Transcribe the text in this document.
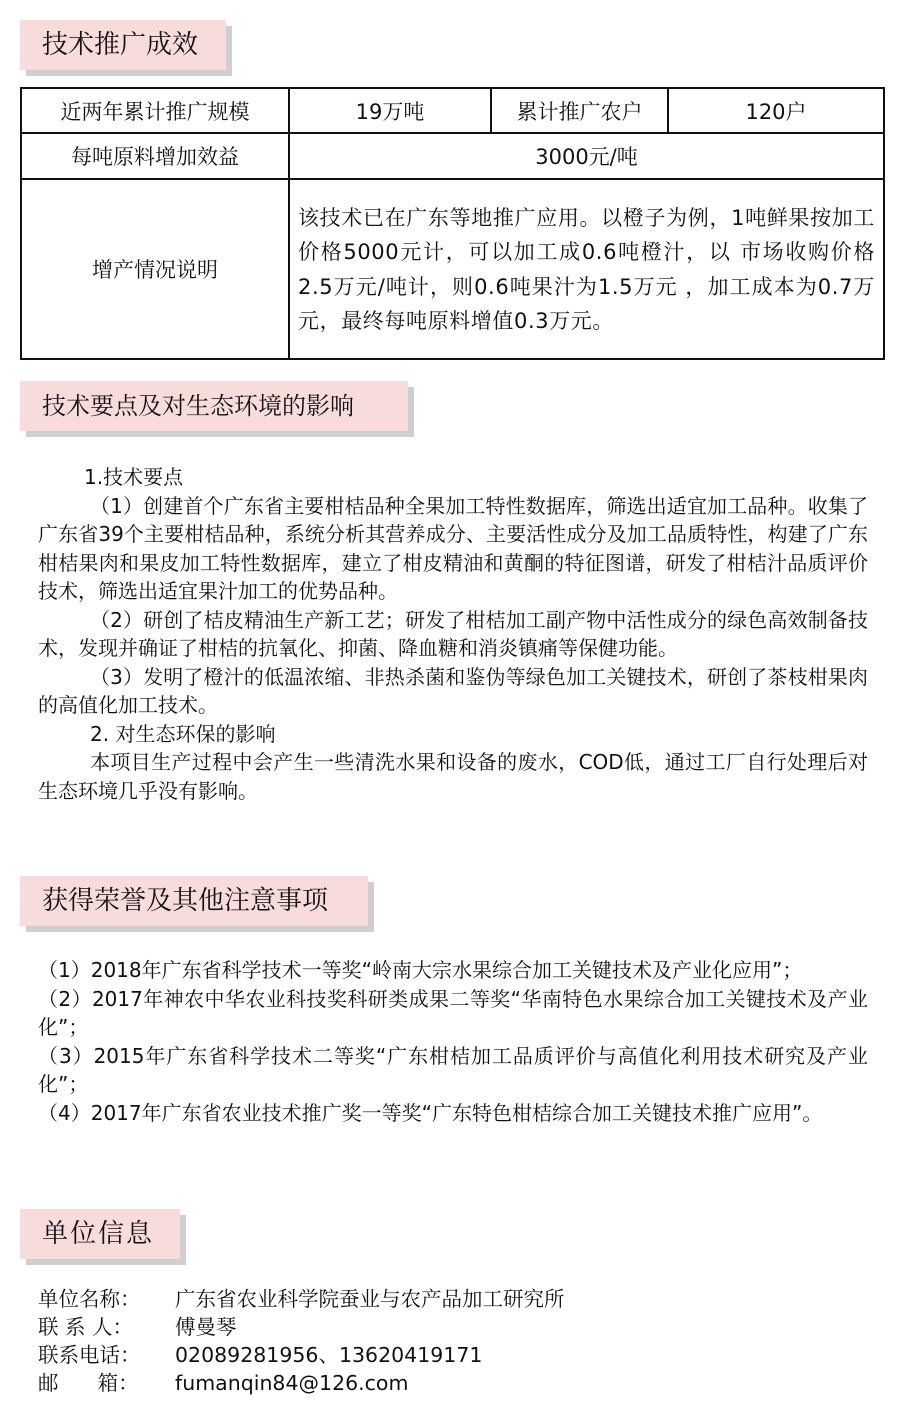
技术推广成效
近两年累计推广规模	19万吨	累计推广农户	120户
每吨原料增加效益	3000元/吨		
增产情况说明	该技术已在广东等地推广应用。以橙子为例，1吨鲜果按加工价格5000元计，可以加工成0.6吨橙汁，以 市场收购价格2.5万元/吨计，则0.6吨果汁为1.5万元 ，加工成本为0.7万元，最终每吨原料增值0.3万元。		
技术要点及对生态环境的影响

1.技术要点

（1）创建首个广东省主要柑桔品种全果加工特性数据库，筛选出适宜加工品种。收集了广东省39个主要柑桔品种，系统分析其营养成分、主要活性成分及加工品质特性，构建了广东柑桔果肉和果皮加工特性数据库，建立了柑皮精油和黄酮的特征图谱，研发了柑桔汁品质评价技术，筛选出适宜果汁加工的优势品种。

（2）研创了桔皮精油生产新工艺；研发了柑桔加工副产物中活性成分的绿色高效制备技术，发现并确证了柑桔的抗氧化、抑菌、降血糖和消炎镇痛等保健功能。

（3）发明了橙汁的低温浓缩、非热杀菌和鉴伪等绿色加工关键技术，研创了茶枝柑果肉的高值化加工技术。

2. 对生态环保的影响

本项目生产过程中会产生一些清洗水果和设备的废水，COD低，通过工厂自行处理后对生态环境几乎没有影响。

获得荣誉及其他注意事项

（1）2018年广东省科学技术一等奖“岭南大宗水果综合加工关键技术及产业化应用”；

（2）2017年神农中华农业科技奖科研类成果二等奖“华南特色水果综合加工关键技术及产业化”；

（3）2015年广东省科学技术二等奖“广东柑桔加工品质评价与高值化利用技术研究及产业化”；

（4）2017年广东省农业技术推广奖一等奖“广东特色柑桔综合加工关键技术推广应用”。

单位信息
单位名称：	广东省农业科学院蚕业与农产品加工研究所
联 系 人：	傅曼琴
联系电话：	02089281956、13620419171
邮      箱：	fumanqin84@126.com
